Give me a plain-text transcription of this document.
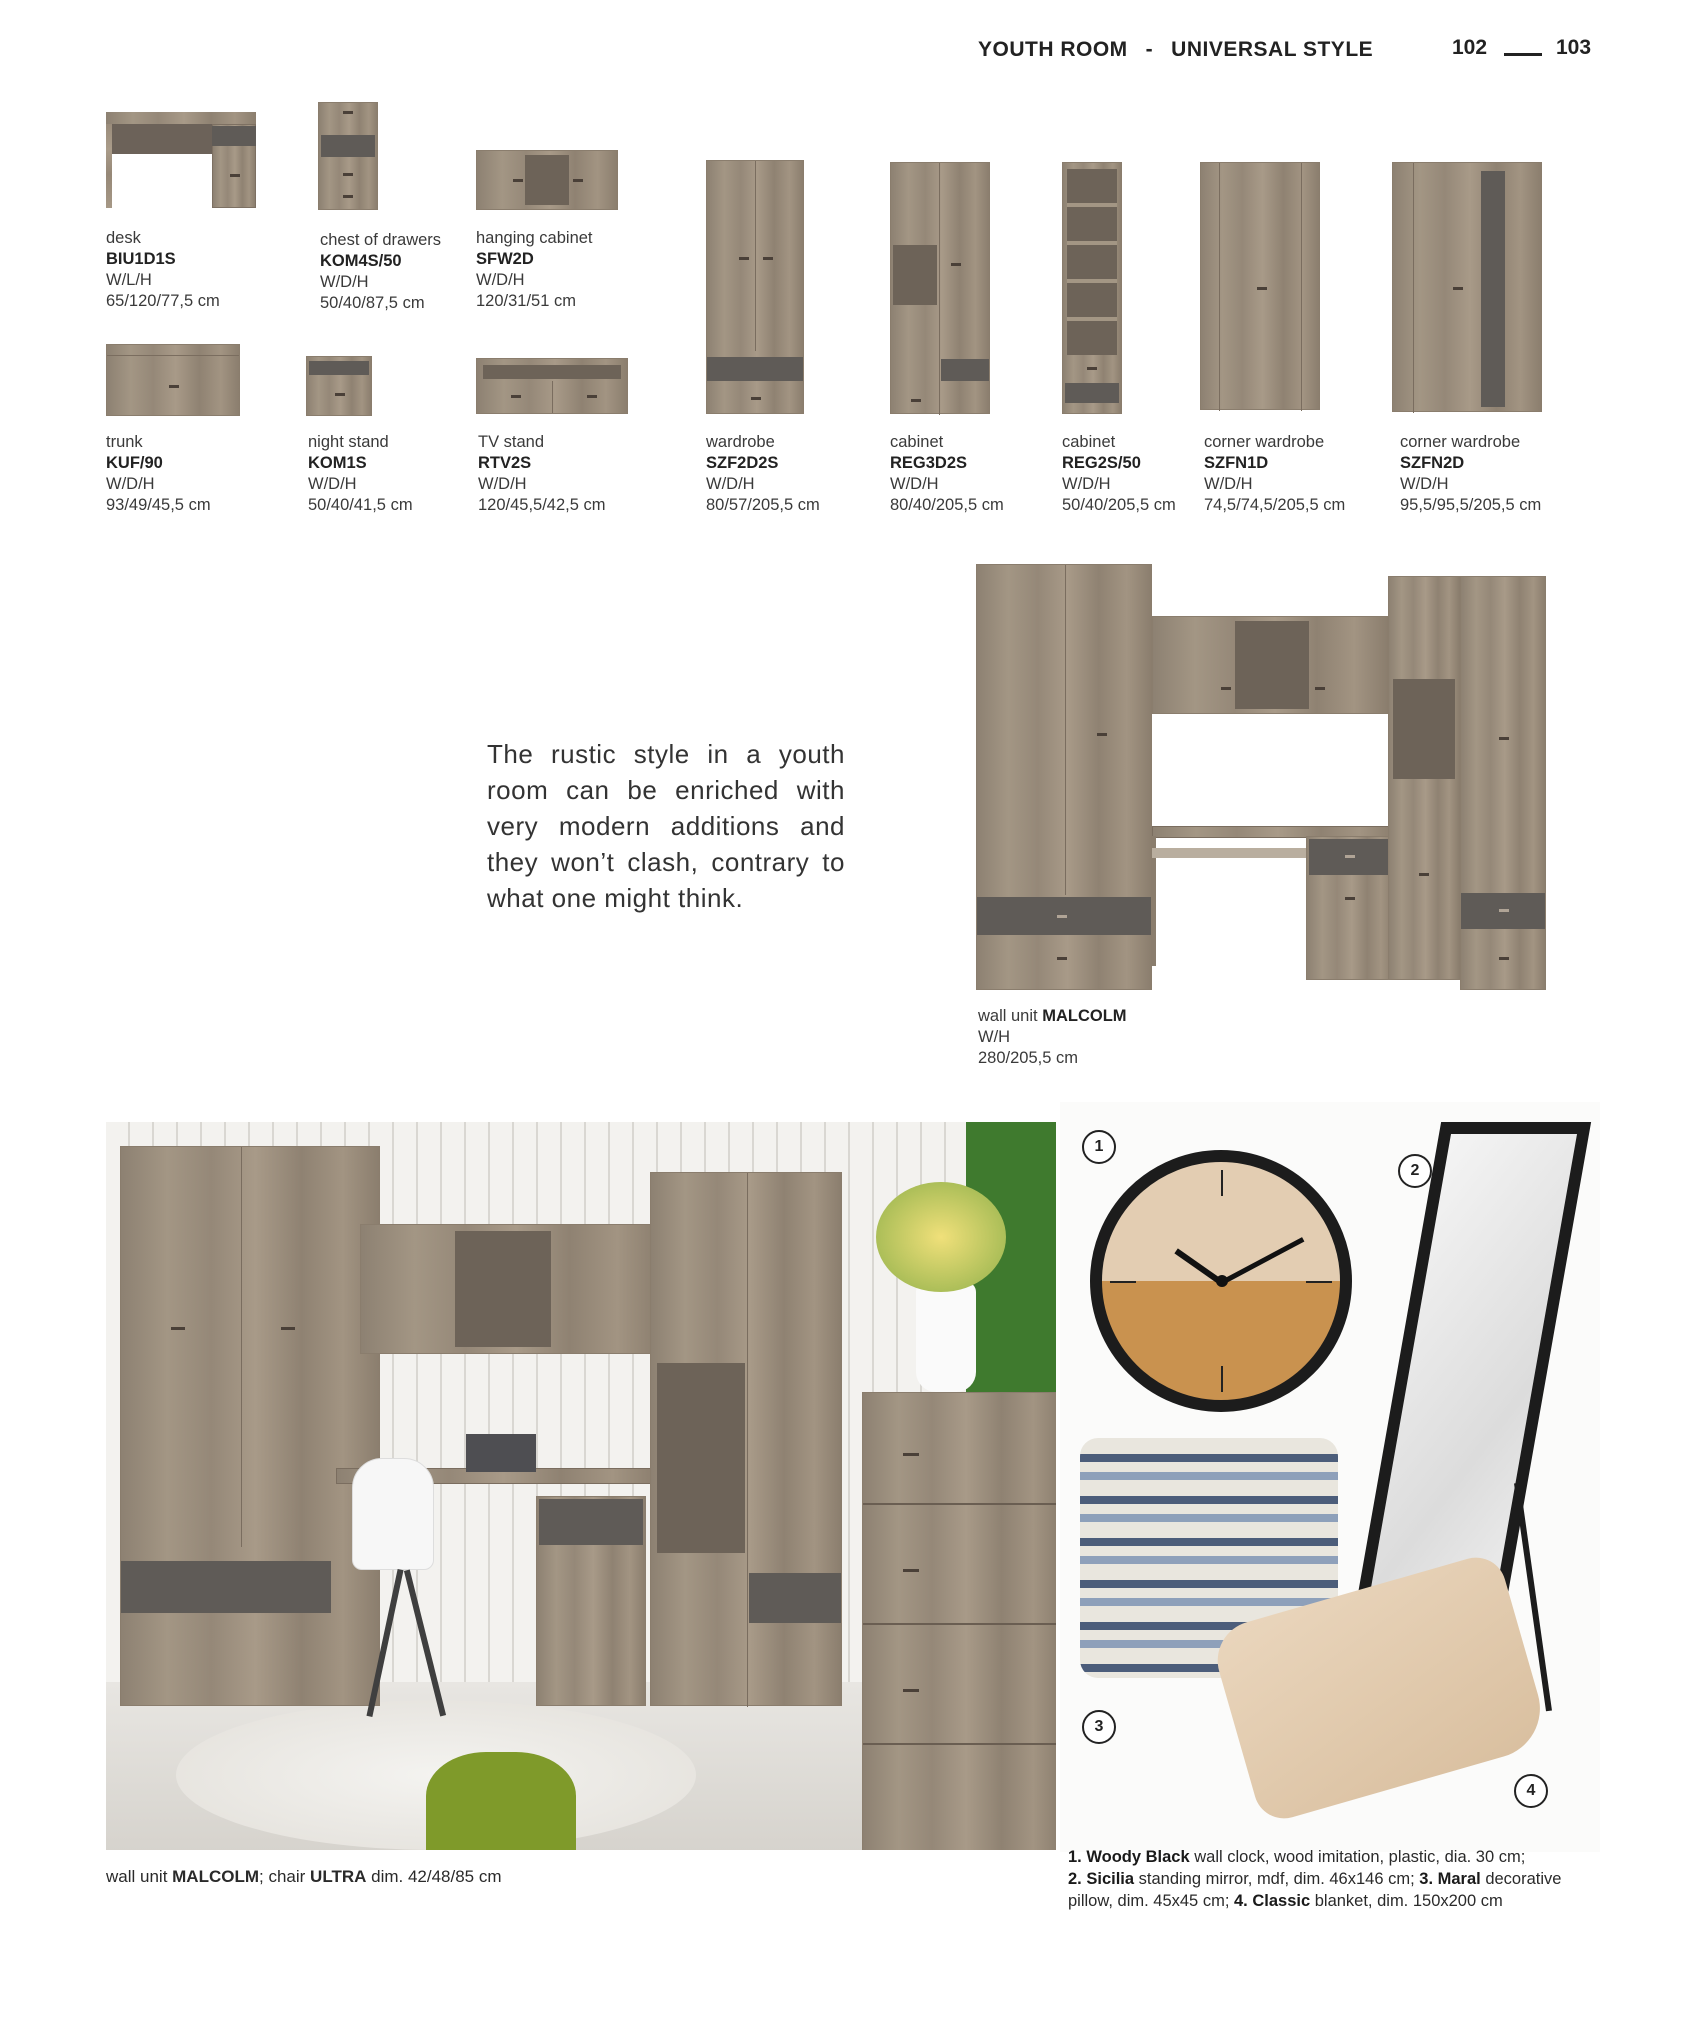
YOUTH ROOM - UNIVERSAL STYLE	102	103
desk
BIU1D1S
W/L/H
65/120/77,5 cm
chest of drawers
KOM4S/50
W/D/H
50/40/87,5 cm
hanging cabinet
SFW2D
W/D/H
120/31/51 cm
trunk
KUF/90
W/D/H
93/49/45,5 cm
night stand
KOM1S
W/D/H
50/40/41,5 cm
TV stand
RTV2S
W/D/H
120/45,5/42,5 cm
wardrobe
SZF2D2S
W/D/H
80/57/205,5 cm
cabinet
REG3D2S
W/D/H
80/40/205,5 cm
cabinet
REG2S/50
W/D/H
50/40/205,5 cm
corner wardrobe
SZFN1D
W/D/H
74,5/74,5/205,5 cm
corner wardrobe
SZFN2D
W/D/H
95,5/95,5/205,5 cm
The rustic style in a youth room can be enriched with very modern additions and they won’t clash, contrary to what one might think.
wall unit MALCOLM
W/H
280/205,5 cm
1
2
3
4
wall unit MALCOLM; chair ULTRA dim. 42/48/85 cm
1. Woody Black wall clock, wood imitation, plastic, dia. 30 cm;
2. Sicilia standing mirror, mdf, dim. 46x146 cm; 3. Maral decorative pillow, dim. 45x45 cm; 4. Classic blanket, dim. 150x200 cm
